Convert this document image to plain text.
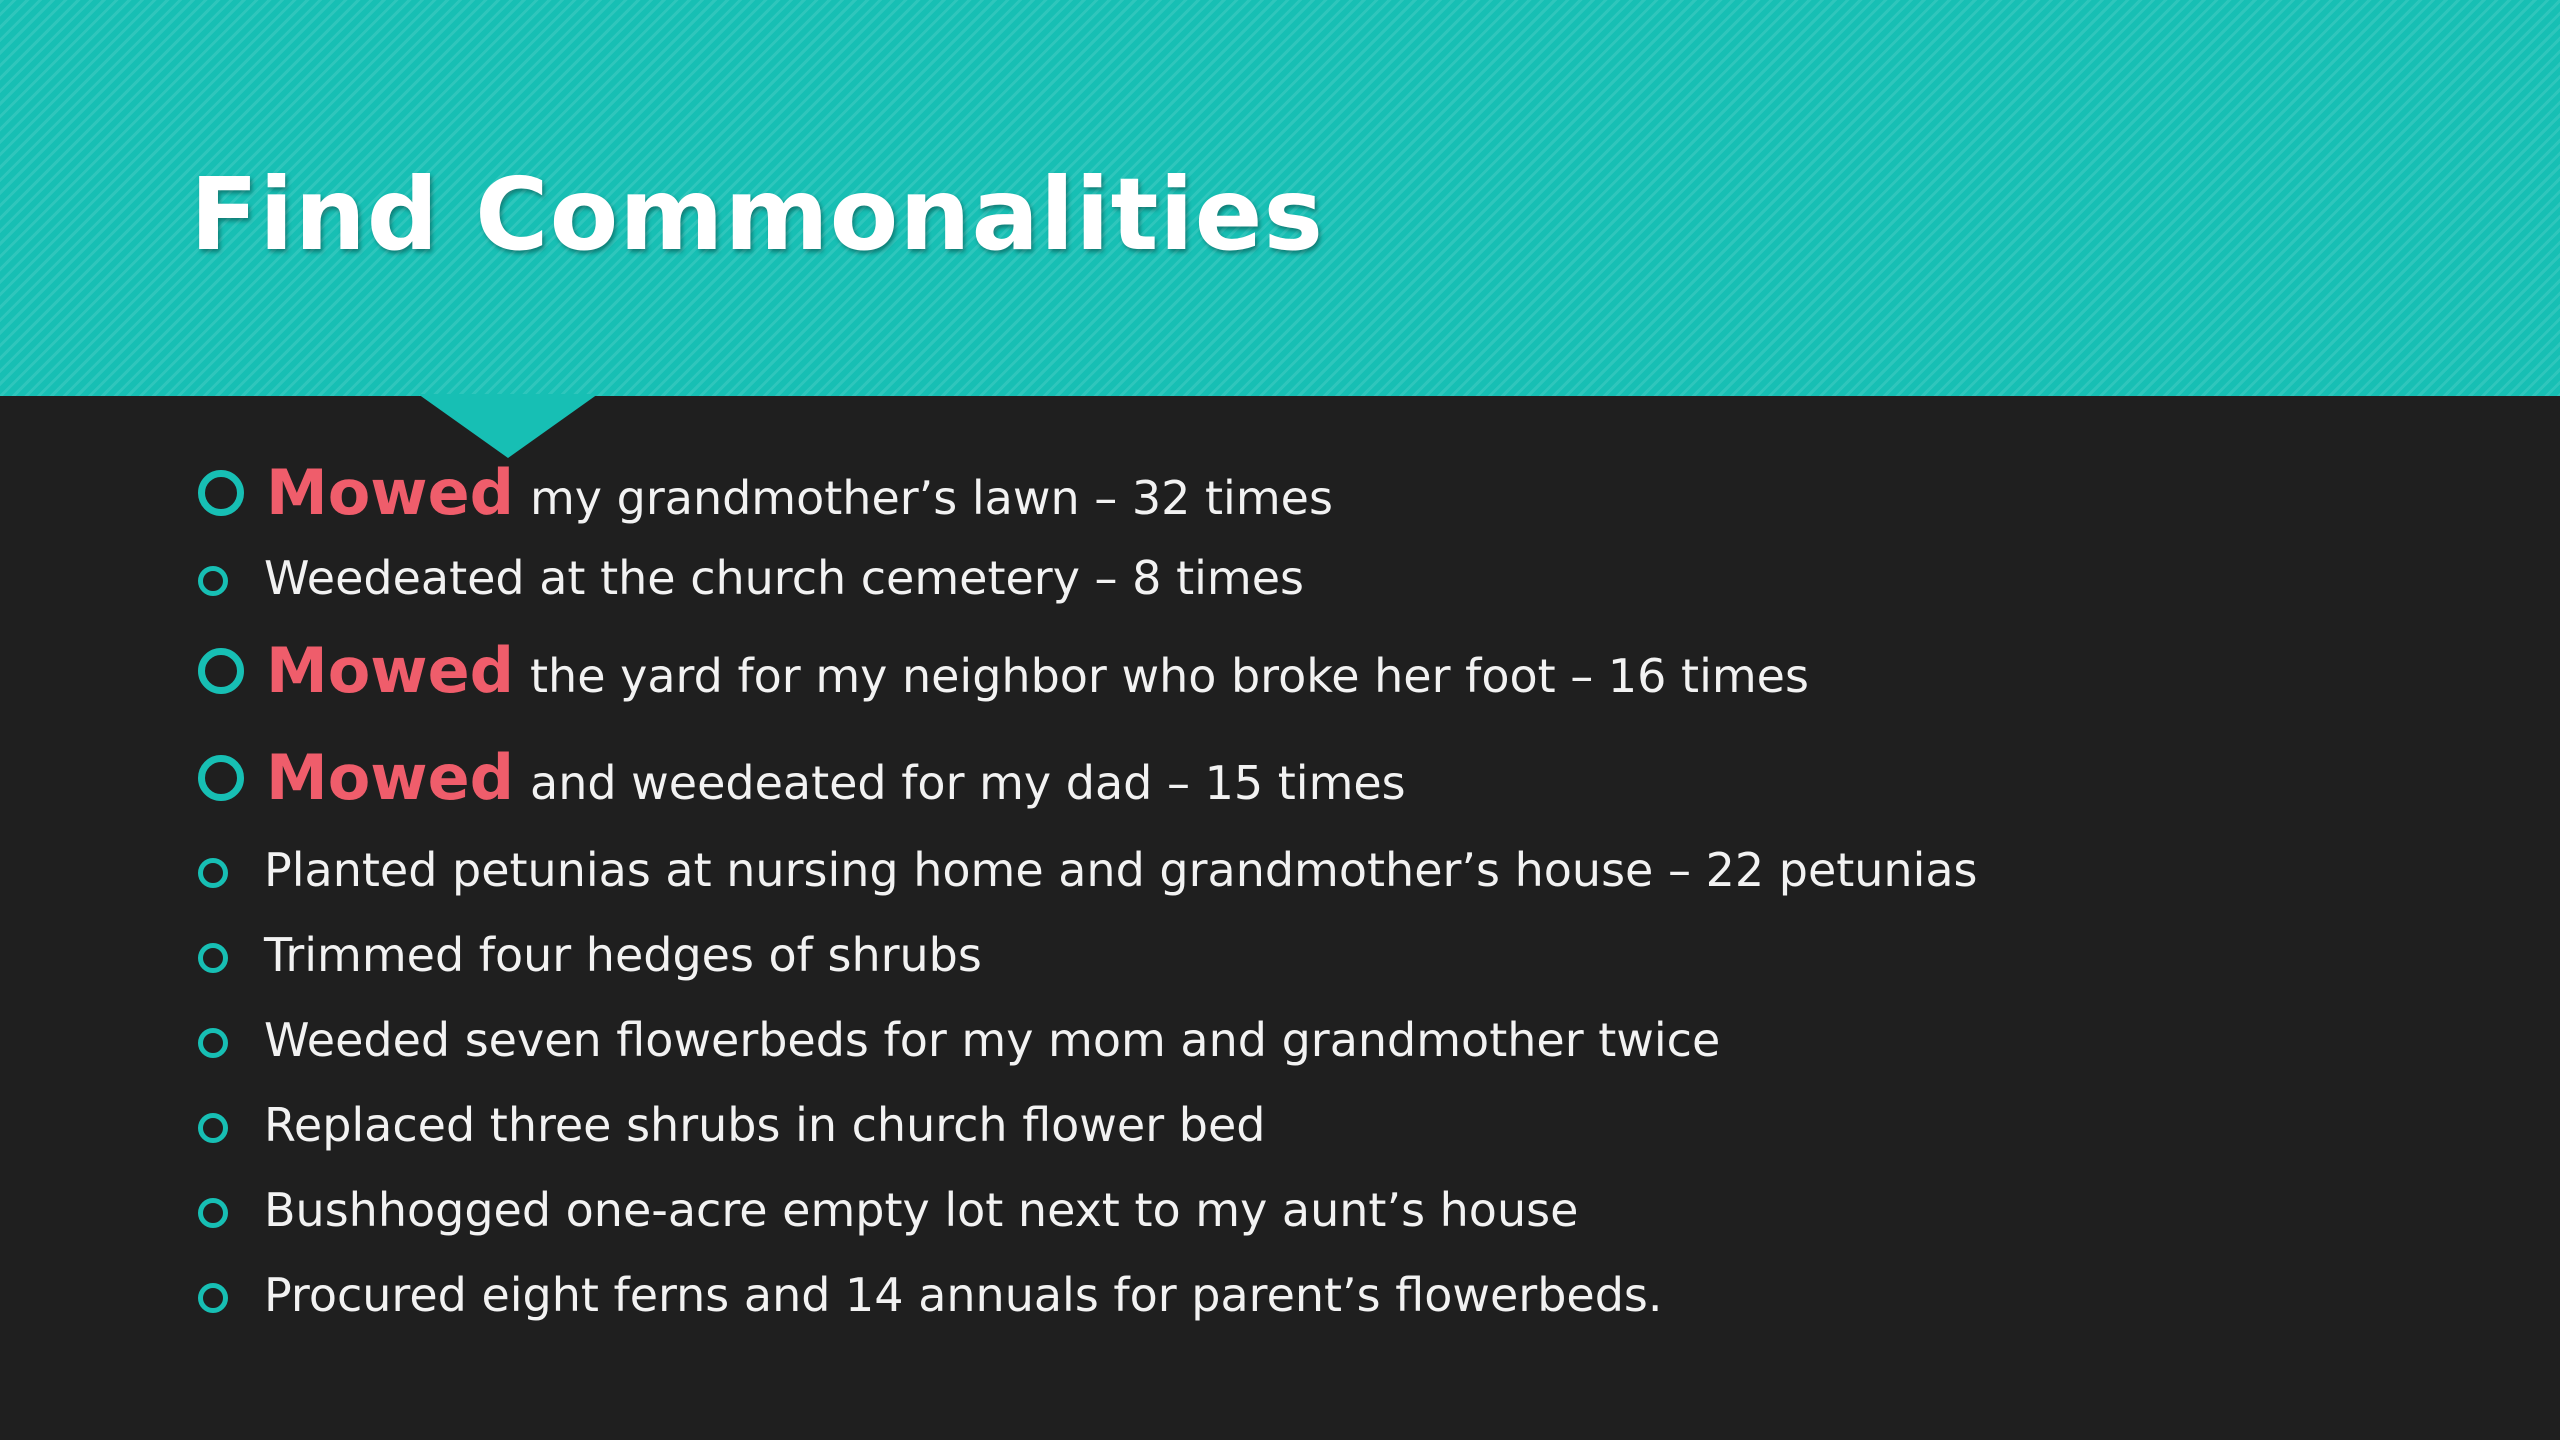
Find Commonalities
Mowed my grandmother’s lawn – 32 times
Weedeated at the church cemetery – 8 times
Mowed the yard for my neighbor who broke her foot – 16 times
Mowed and weedeated for my dad – 15 times
Planted petunias at nursing home and grandmother’s house – 22 petunias
Trimmed four hedges of shrubs
Weeded seven flowerbeds for my mom and grandmother twice
Replaced three shrubs in church flower bed
Bushhogged one-acre empty lot next to my aunt’s house
Procured eight ferns and 14 annuals for parent’s flowerbeds.
